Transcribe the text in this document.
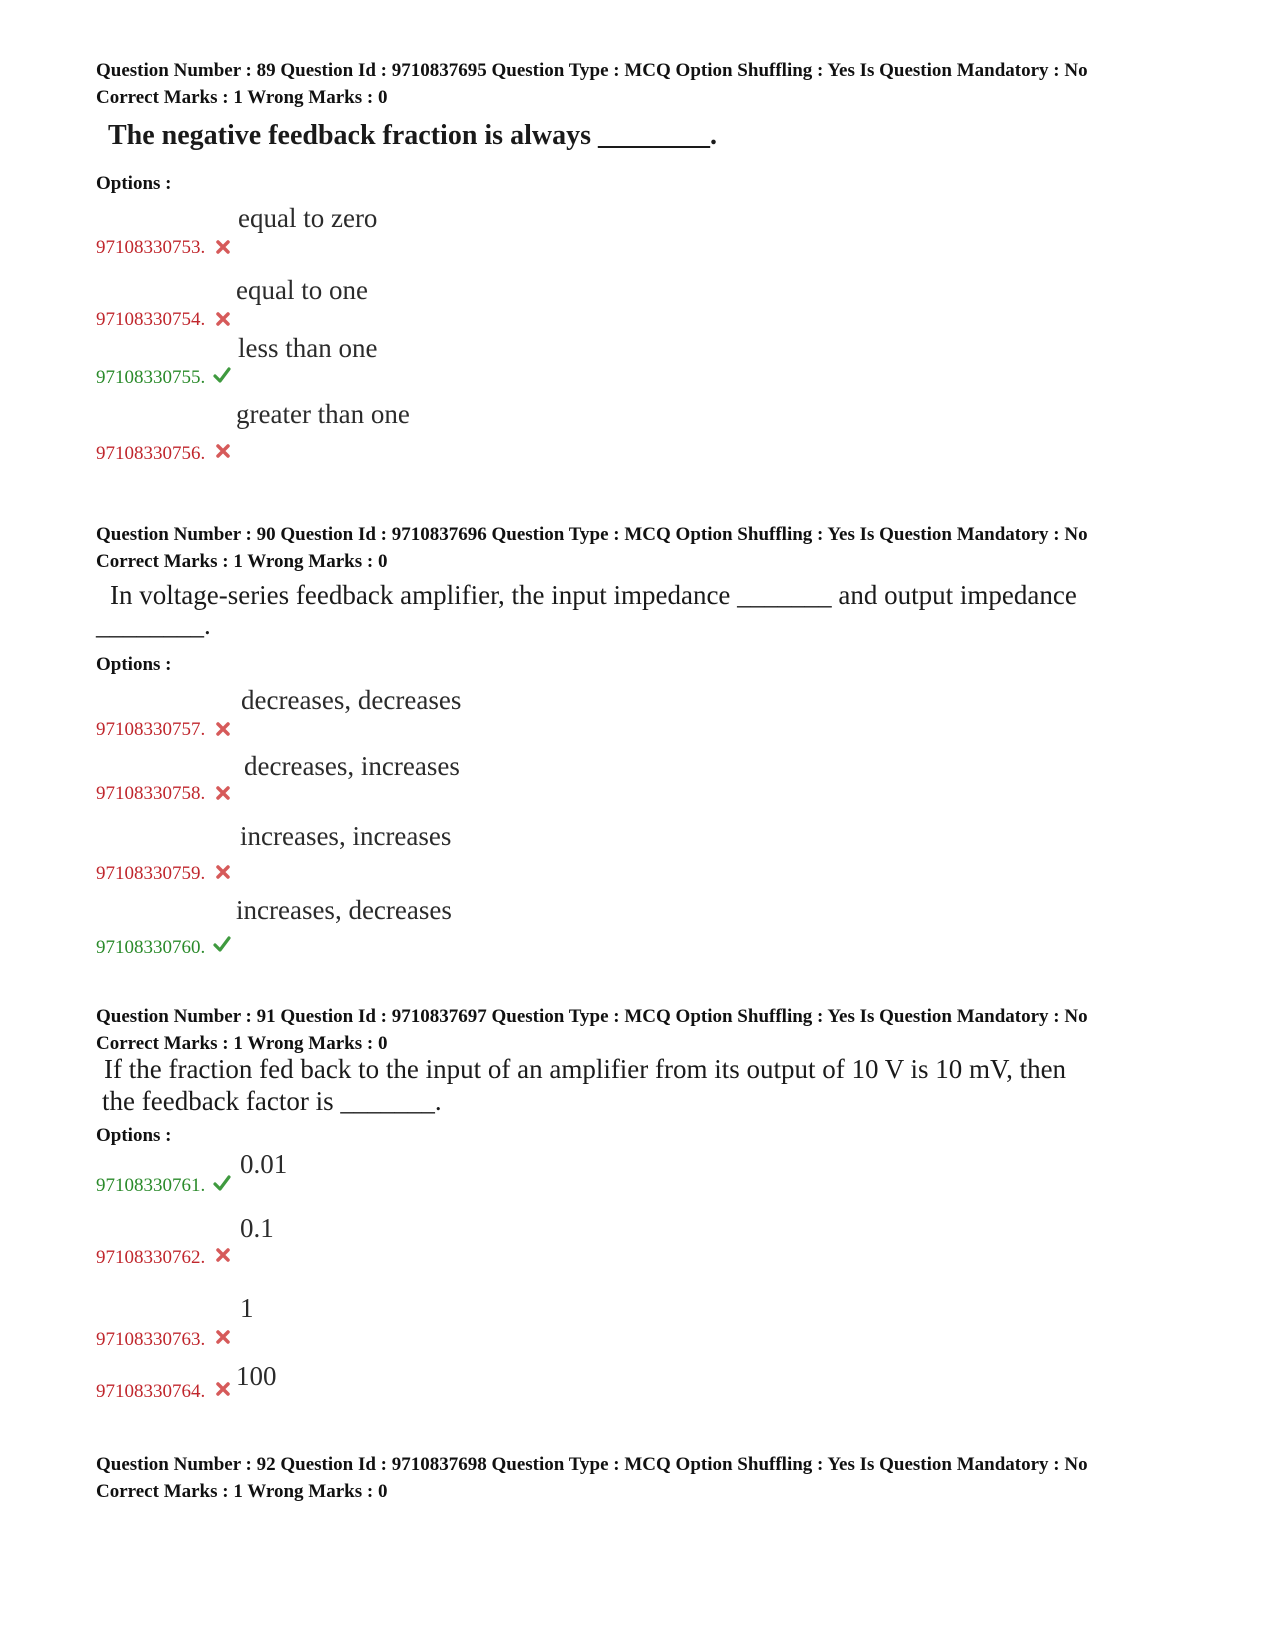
Question Number : 89 Question Id : 9710837695 Question Type : MCQ Option Shuffling : Yes Is Question Mandatory : No
Correct Marks : 1 Wrong Marks : 0
The negative feedback fraction is always ________.
Options :
97108330753.
equal to zero
97108330754.
equal to one
97108330755.
less than one
97108330756.
greater than one
Question Number : 90 Question Id : 9710837696 Question Type : MCQ Option Shuffling : Yes Is Question Mandatory : No
Correct Marks : 1 Wrong Marks : 0
In voltage-series feedback amplifier, the input impedance _______ and output impedance
________.
Options :
97108330757.
decreases, decreases
97108330758.
decreases, increases
97108330759.
increases, increases
97108330760.
increases, decreases
Question Number : 91 Question Id : 9710837697 Question Type : MCQ Option Shuffling : Yes Is Question Mandatory : No
Correct Marks : 1 Wrong Marks : 0
If the fraction fed back to the input of an amplifier from its output of 10 V is 10 mV, then
the feedback factor is _______.
Options :
97108330761.
0.01
97108330762.
0.1
97108330763.
1
97108330764.
100
Question Number : 92 Question Id : 9710837698 Question Type : MCQ Option Shuffling : Yes Is Question Mandatory : No
Correct Marks : 1 Wrong Marks : 0
